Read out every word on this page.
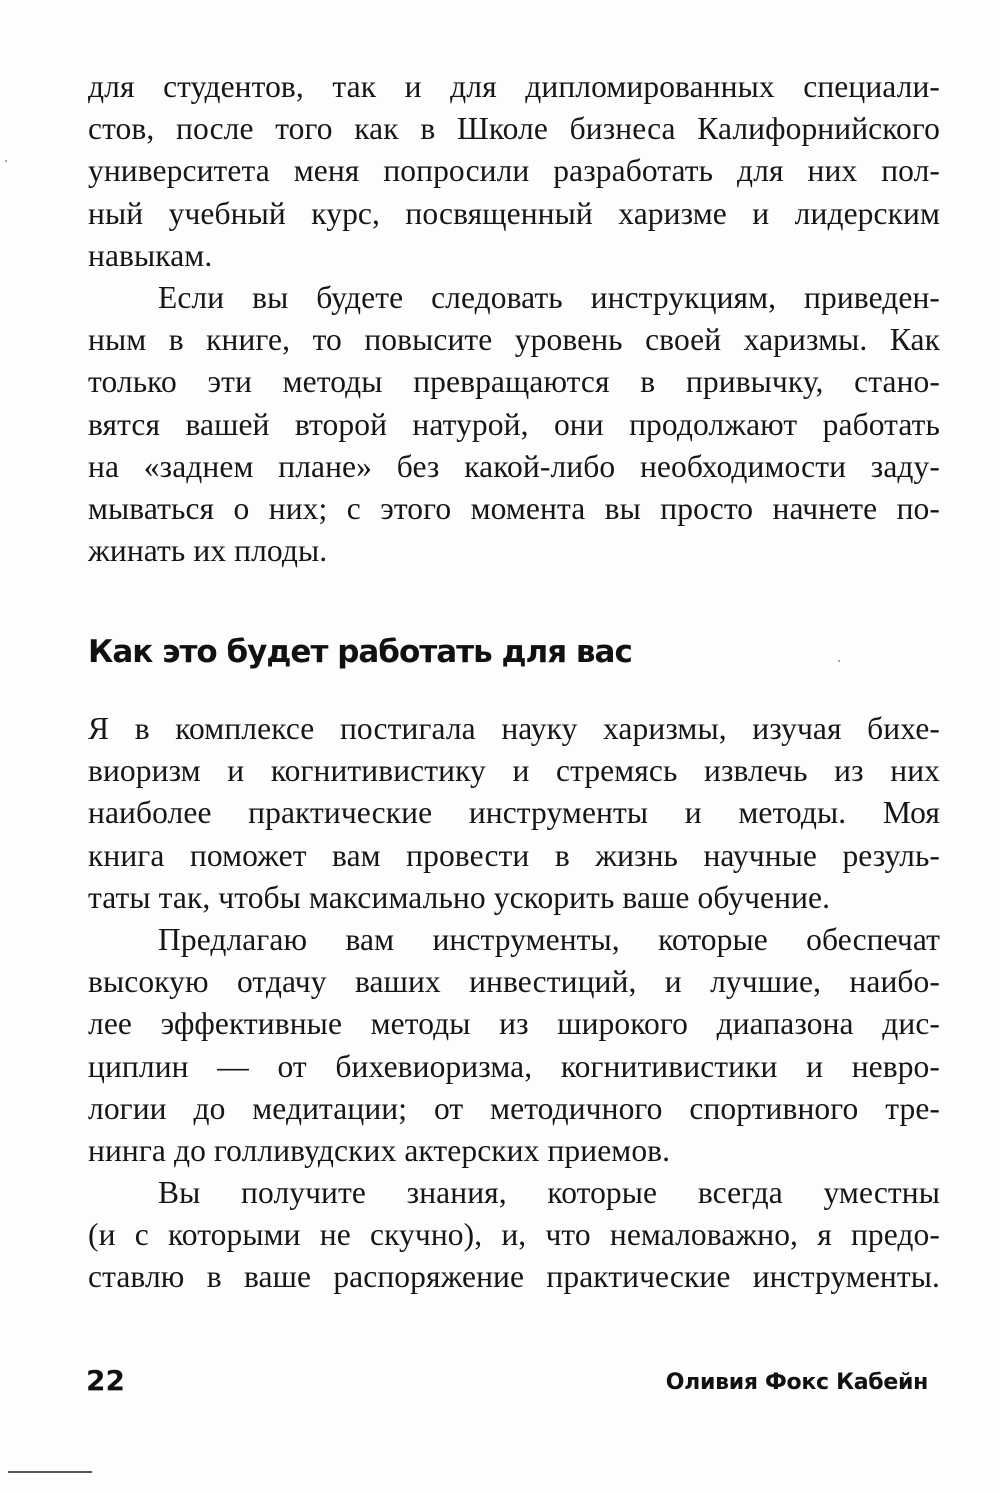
для студентов, так и для дипломированных специали-
стов, после того как в Школе бизнеса Калифорнийского
университета меня попросили разработать для них пол-
ный учебный курс, посвященный харизме и лидерским
навыкам.
Если вы будете следовать инструкциям, приведен-
ным в книге, то повысите уровень своей харизмы. Как
только эти методы превращаются в привычку, стано-
вятся вашей второй натурой, они продолжают работать
на «заднем плане» без какой-либо необходимости заду-
мываться о них; с этого момента вы просто начнете по-
жинать их плоды.
Как это будет работать для вас
Я в комплексе постигала науку харизмы, изучая бихе-
виоризм и когнитивистику и стремясь извлечь из них
наиболее практические инструменты и методы. Моя
книга поможет вам провести в жизнь научные резуль-
таты так, чтобы максимально ускорить ваше обучение.
Предлагаю вам инструменты, которые обеспечат
высокую отдачу ваших инвестиций, и лучшие, наибо-
лее эффективные методы из широкого диапазона дис-
циплин — от бихевиоризма, когнитивистики и невро-
логии до медитации; от методичного спортивного тре-
нинга до голливудских актерских приемов.
Вы получите знания, которые всегда уместны
(и с которыми не скучно), и, что немаловажно, я предо-
ставлю в ваше распоряжение практические инструменты.
22	Оливия Фокс Кабейн
